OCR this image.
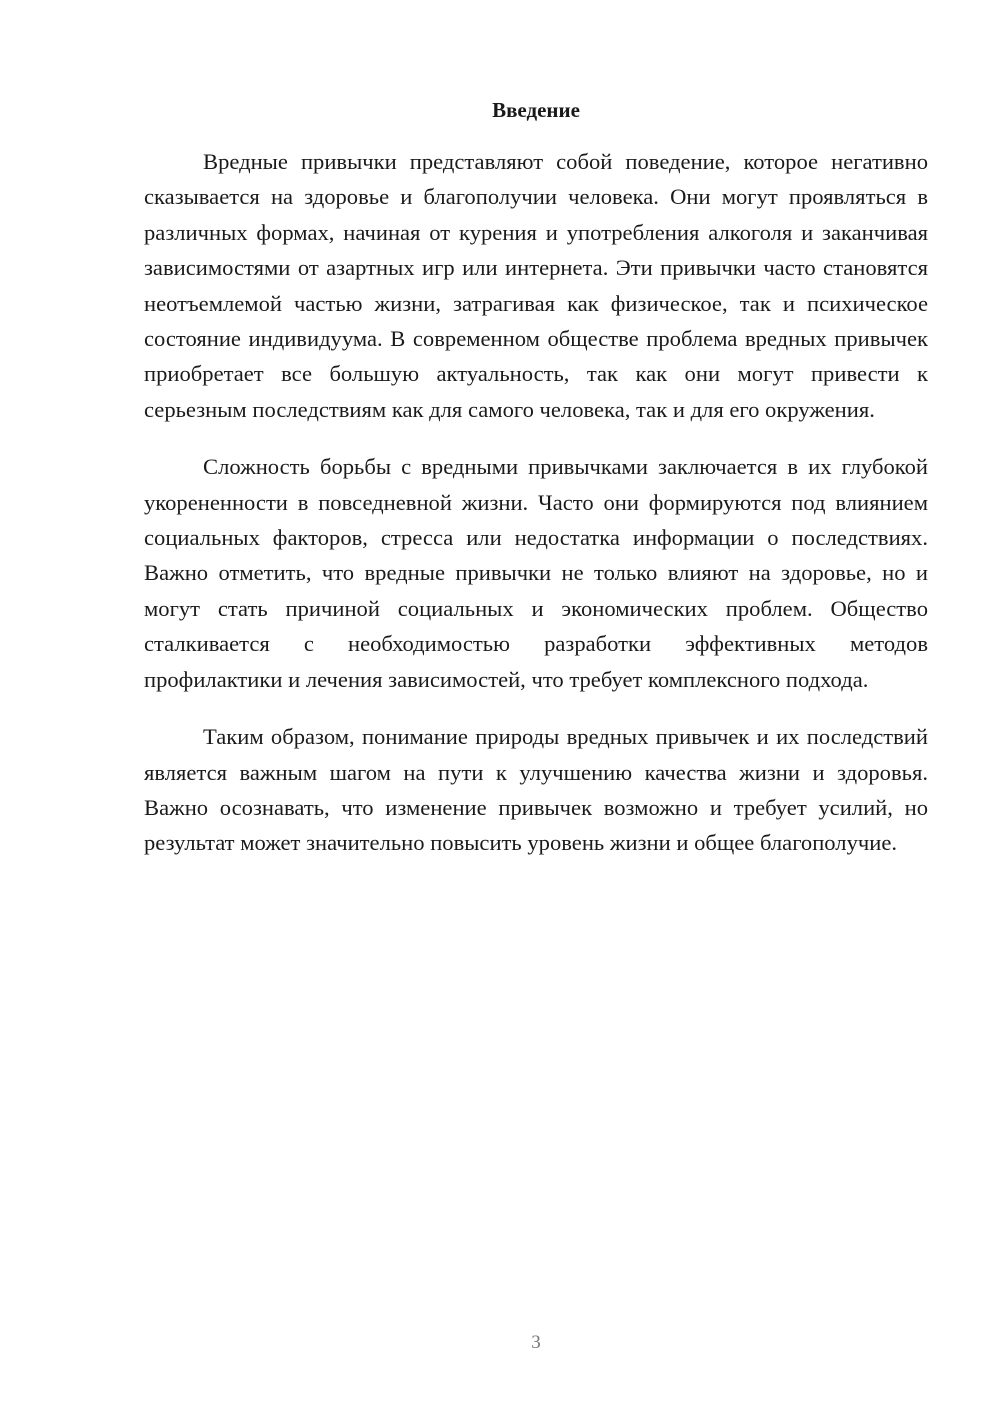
Введение

Вредные привычки представляют собой поведение, которое негативно сказывается на здоровье и благополучии человека. Они могут проявляться в различных формах, начиная от курения и употребления алкоголя и заканчивая зависимостями от азартных игр или интернета. Эти привычки часто становятся неотъемлемой частью жизни, затрагивая как физическое, так и психическое состояние индивидуума. В современном обществе проблема вредных привычек приобретает все большую актуальность, так как они могут привести к серьезным последствиям как для самого человека, так и для его окружения.

Сложность борьбы с вредными привычками заключается в их глубокой укорененности в повседневной жизни. Часто они формируются под влиянием социальных факторов, стресса или недостатка информации о последствиях. Важно отметить, что вредные привычки не только влияют на здоровье, но и могут стать причиной социальных и экономических проблем. Общество сталкивается с необходимостью разработки эффективных методов профилактики и лечения зависимостей, что требует комплексного подхода.

Таким образом, понимание природы вредных привычек и их последствий является важным шагом на пути к улучшению качества жизни и здоровья. Важно осознавать, что изменение привычек возможно и требует усилий, но результат может значительно повысить уровень жизни и общее благополучие.

3
